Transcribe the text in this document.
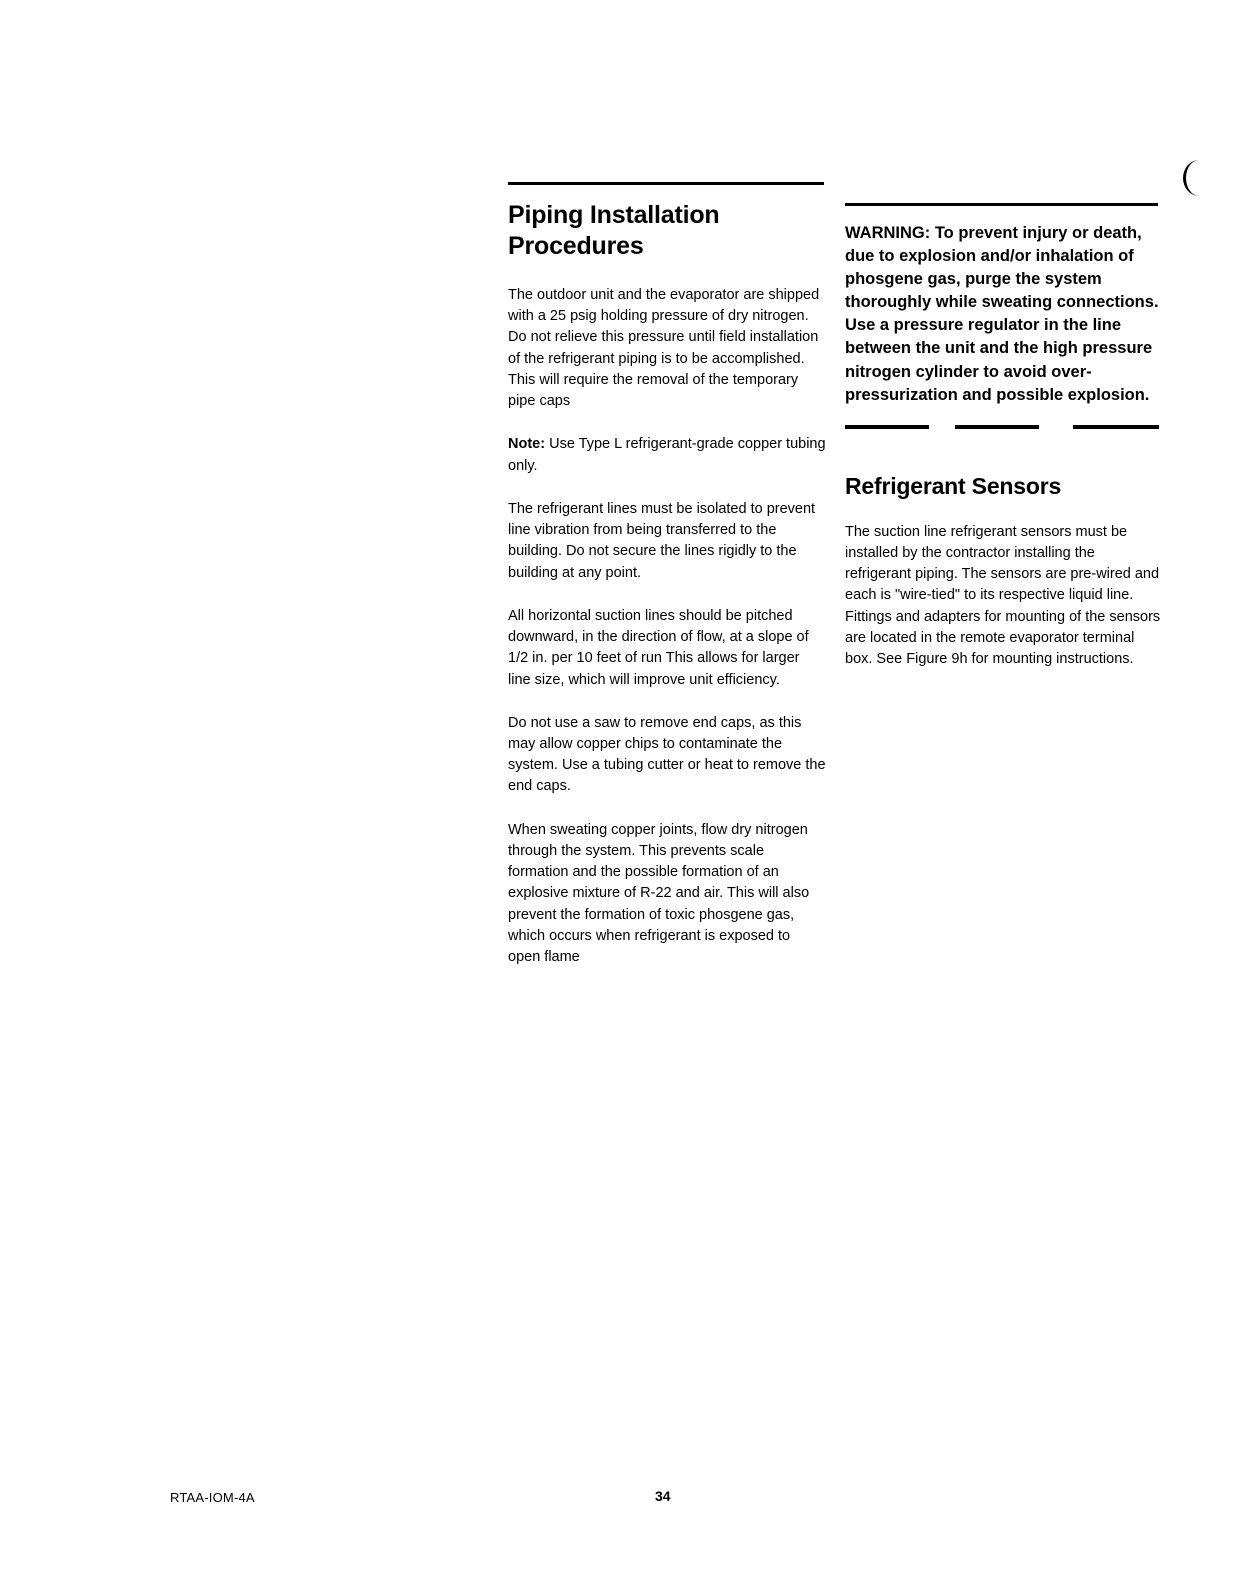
Piping Installation Procedures

The outdoor unit and the evaporator are shipped with a 25 psig holding pressure of dry nitrogen. Do not relieve this pressure until field installation of the refrigerant piping is to be accomplished. This will require the removal of the temporary pipe caps

Note: Use Type L refrigerant-grade copper tubing only.

The refrigerant lines must be isolated to prevent line vibration from being transferred to the building. Do not secure the lines rigidly to the building at any point.

All horizontal suction lines should be pitched downward, in the direction of flow, at a slope of 1/2 in. per 10 feet of run This allows for larger line size, which will improve unit efficiency.

Do not use a saw to remove end caps, as this may allow copper chips to contaminate the system. Use a tubing cutter or heat to remove the end caps.

When sweating copper joints, flow dry nitrogen through the system. This prevents scale formation and the possible formation of an explosive mixture of R-22 and air. This will also prevent the formation of toxic phosgene gas, which occurs when refrigerant is exposed to open flame

WARNING: To prevent injury or death, due to explosion and/or inhalation of phosgene gas, purge the system thoroughly while sweating connections. Use a pressure regulator in the line between the unit and the high pressure nitrogen cylinder to avoid over-pressurization and possible explosion.

Refrigerant Sensors

The suction line refrigerant sensors must be installed by the contractor installing the refrigerant piping. The sensors are pre-wired and each is "wire-tied" to its respective liquid line. Fittings and adapters for mounting of the sensors are located in the remote evaporator terminal box. See Figure 9h for mounting instructions.

RTAA-IOM-4A	34
